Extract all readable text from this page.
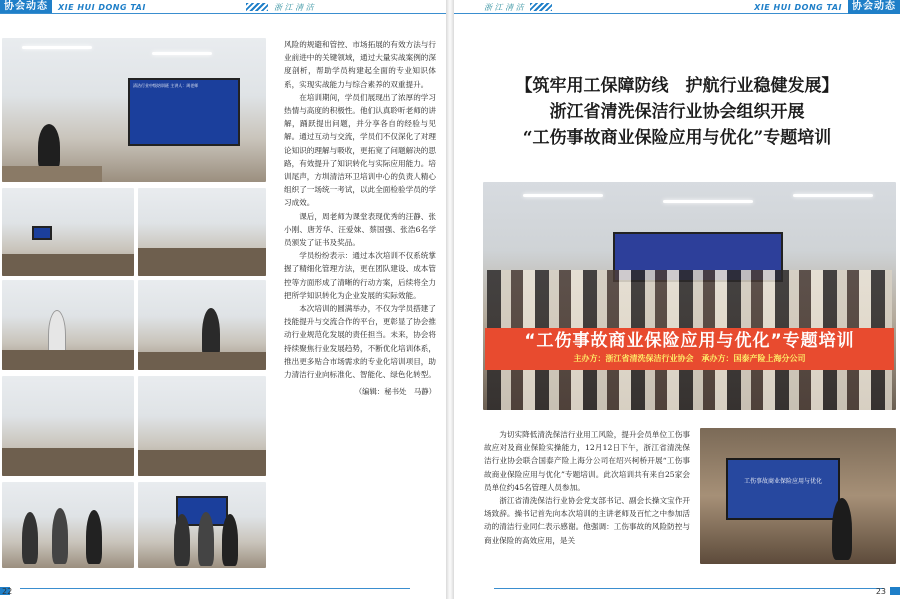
协会动态	XIE HUI DONG TAI	浙 江 清 洁
清洁行业中级培训班 主讲人：周老师

风险的规避和管控、市场拓展的有效方法与行业前进中的关键领域，通过大量实战案例的深度剖析，帮助学员构建起全面的专业知识体系，实现实战能力与综合素养的双重提升。

在培训期间，学员们展现出了浓厚的学习热情与高度的积极性。他们认真聆听老师的讲解，踊跃提出问题，并分享各自的经验与见解。通过互动与交流，学员们不仅深化了对理论知识的理解与吸收，更拓宽了问题解决的思路，有效提升了知识转化与实际应用能力。培训尾声，方圳清洁环卫培训中心的负责人精心组织了一场统一考试，以此全面检验学员的学习成效。

课后，周老师为课堂表现优秀的汪静、张小刚、唐芳华、汪爱妹、蔡国强、张浩6名学员颁发了证书及奖品。

学员纷纷表示：通过本次培训不仅系统掌握了精细化管理方法，更在团队建设、成本管控等方面形成了清晰的行动方案，后续将全力把所学知识转化为企业发展的实际效能。

本次培训的圆满举办，不仅为学员搭建了技能提升与交流合作的平台，更彰显了协会推动行业规范化发展的责任担当。未来，协会将持续聚焦行业发展趋势，不断优化培训体系，推出更多贴合市场需求的专业化培训项目，助力清洁行业向标准化、智能化、绿色化转型。

（编辑：秘书处　马静）
22
浙 江 清 洁	XIE HUI DONG TAI	协会动态
【筑牢用工保障防线　护航行业稳健发展】
浙江省清洗保洁行业协会组织开展
“工伤事故商业保险应用与优化”专题培训
“工伤事故商业保险应用与优化”专题培训
主办方：浙江省清洗保洁行业协会　承办方：国泰产险上海分公司

为切实降低清洗保洁行业用工风险，提升会员单位工伤事故应对及商业保险实操能力，12月12日下午，浙江省清洗保洁行业协会联合国泰产险上海分公司在绍兴柯桥开展“工伤事故商业保险应用与优化”专题培训。此次培训共有来自25家会员单位约45名管理人员参加。

浙江省清洗保洁行业协会党支部书记、副会长操文宝作开场致辞。操书记首先向本次培训的主讲老师及百忙之中参加活动的清洁行业同仁表示感谢。他强调：工伤事故的风险防控与商业保险的高效应用，是关

工伤事故商业保险应用与优化
23
